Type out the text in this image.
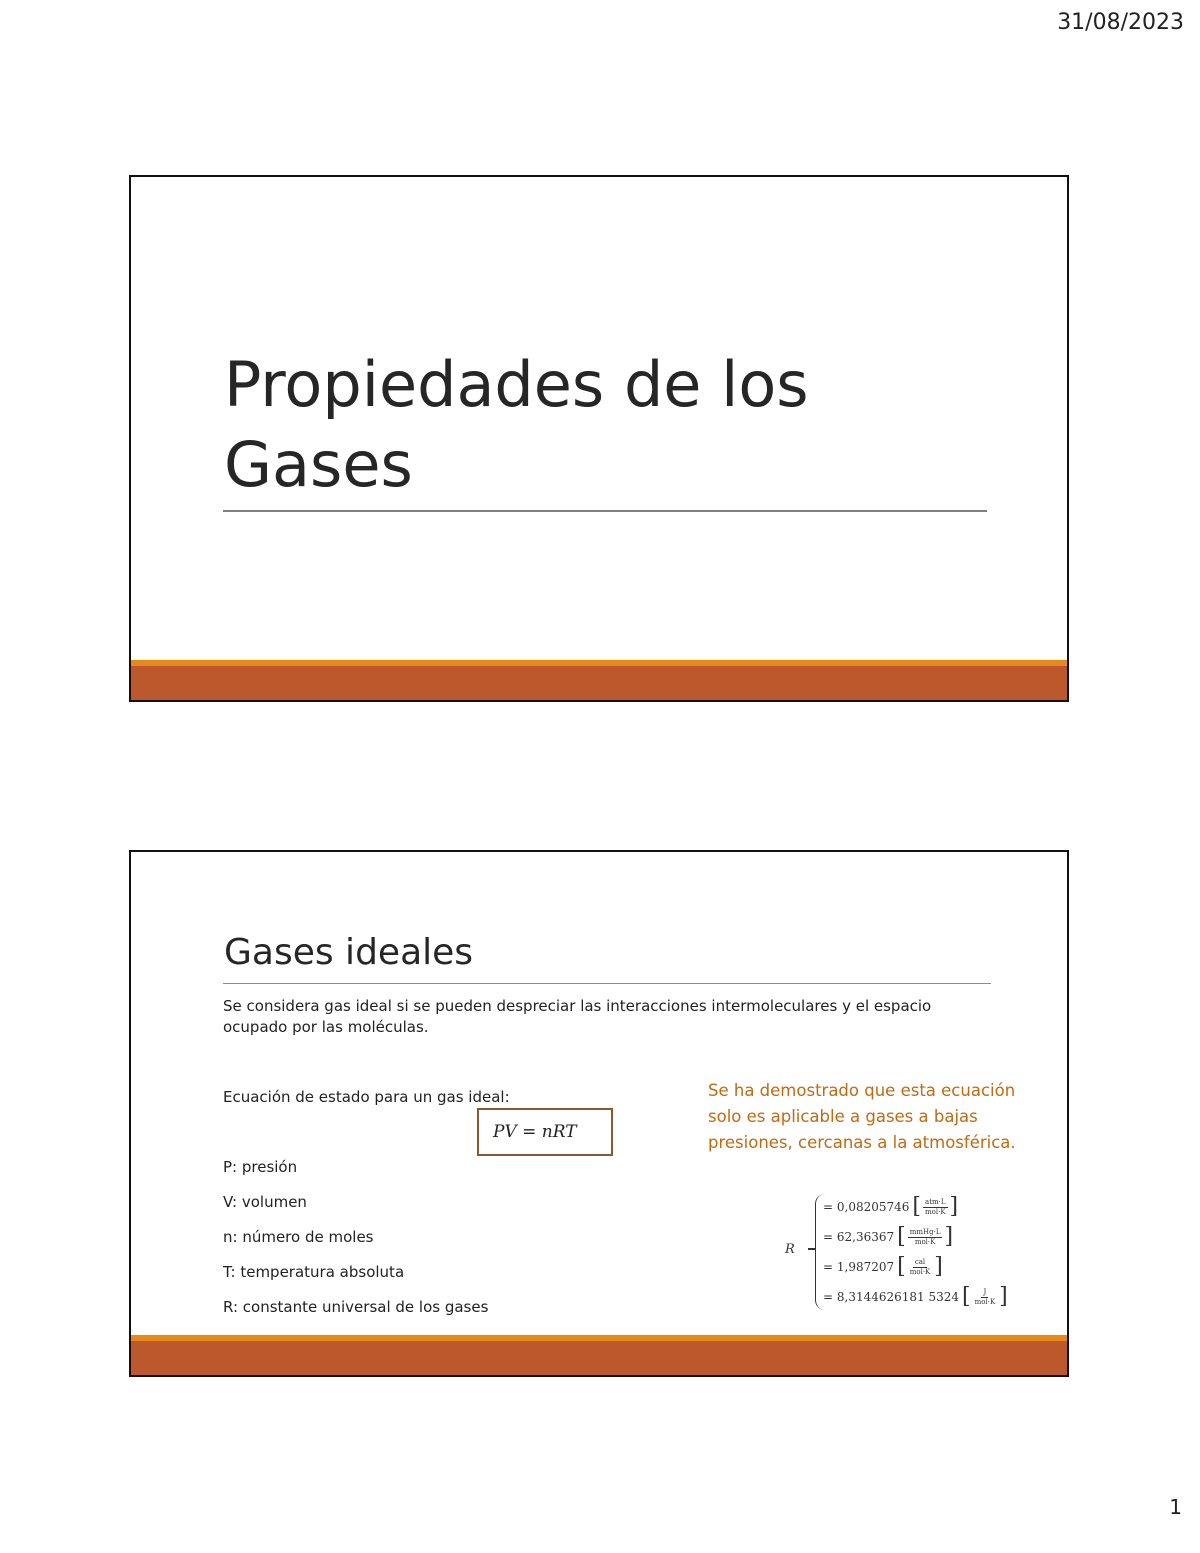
31/08/2023
Propiedades de los Gases
Gases ideales

Se considera gas ideal si se pueden despreciar las interacciones intermoleculares y el espacio ocupado por las moléculas.

Ecuación de estado para un gas ideal:
PV = nRT
P: presión
V: volumen
n: número de moles
T: temperatura absoluta
R: constante universal de los gases

Se ha demostrado que esta ecuación solo es aplicable a gases a bajas presiones, cercanas a la atmosférica.

R
= 0,08205746 [ $\frac{\text{atm·L}}{\text{mol·K}}$ ]
= 62,36367 [ $\frac{\text{mmHg·L}}{\text{mol·K}}$ ]
= 1,987207 [ $\frac{\text{cal}}{\text{mol·K}}$ ]
= 8,3144626181 5324 [ $\frac{J}{\text{mol·K}}$ ]
1
